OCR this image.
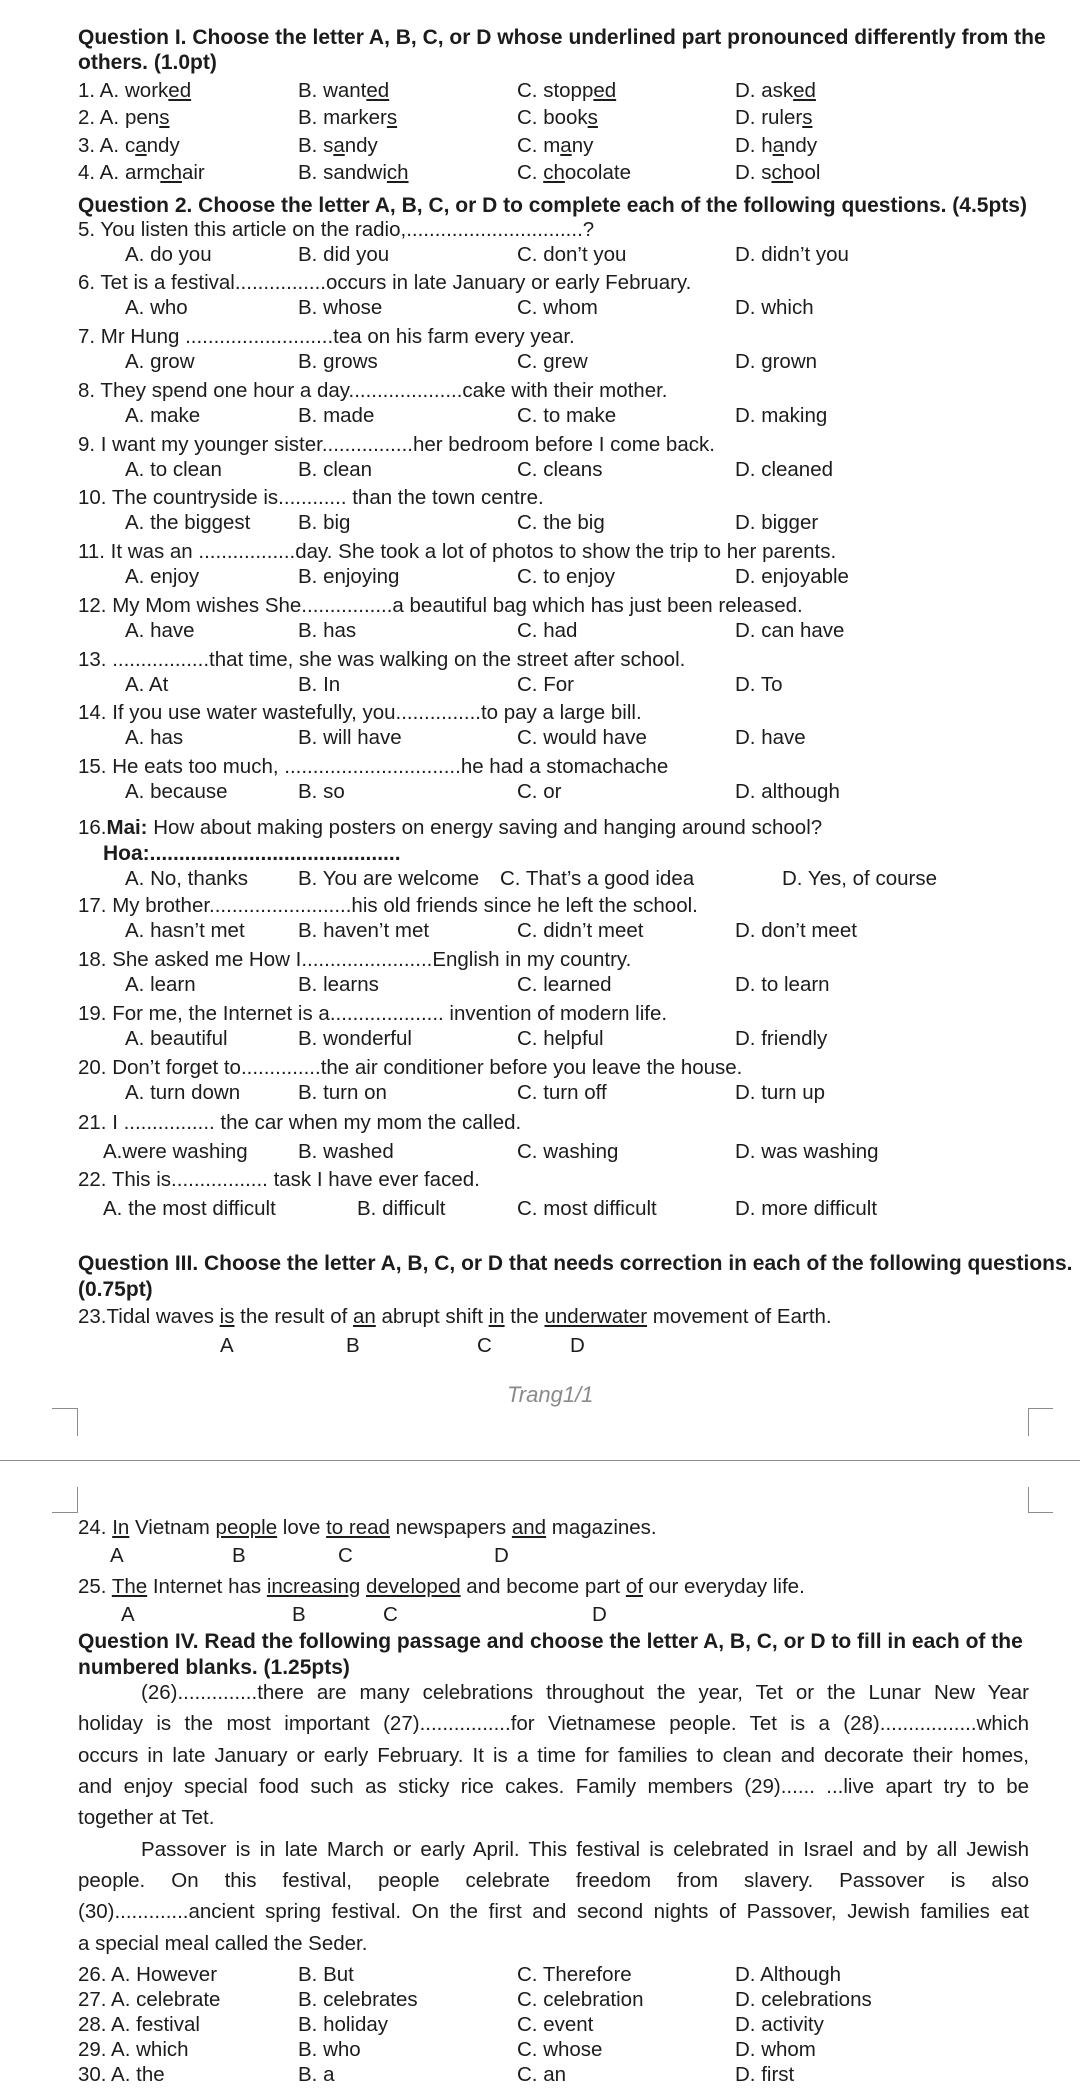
Question I. Choose the letter A, B, C, or D whose underlined part pronounced differently from the
others. (1.0pt)
1. A. worked	B. wanted	C. stopped	D. asked
2. A. pens	B. markers	C. books	D. rulers
3. A. candy	B. sandy	C. many	D. handy
4. A. armchair	B. sandwich	C. chocolate	D. school
Question 2. Choose the letter A, B, C, or D to complete each of the following questions. (4.5pts)
5. You listen this article on the radio,...............................?
A. do you	B. did you	C. don’t you	D. didn’t you
6. Tet is a festival................occurs in late January or early February.
A. who	B. whose	C. whom	D. which
7. Mr Hung ..........................tea on his farm every year.
A. grow	B. grows	C. grew	D. grown
8. They spend one hour a day....................cake with their mother.
A. make	B. made	C. to make	D. making
9. I want my younger sister................her bedroom before I come back.
A. to clean	B. clean	C. cleans	D. cleaned
10. The countryside is............ than the town centre.
A. the biggest B. big	C. the big	D. bigger
11. It was an .................day. She took a lot of photos to show the trip to her parents.
A. enjoy	B. enjoying	C. to enjoy	D. enjoyable
12. My Mom wishes She................a beautiful bag which has just been released.
A. have	B. has	C. had	D. can have
13. .................that time, she was walking on the street after school.
A. At	B. In	C. For	D. To
14. If you use water wastefully, you...............to pay a large bill.
A. has	B. will have	C. would have	D. have
15. He eats too much, ...............................he had a stomachache
A. because	B. so	C. or	D. although
16.Mai: How about making posters on energy saving and hanging around school?
Hoa:...........................................
A. No, thanks B. You are welcome C. That’s a good idea	D. Yes, of course
17. My brother.........................his old friends since he left the school.
A. hasn’t met	B. haven’t met	C. didn’t meet	D. don’t meet
18. She asked me How I.......................English in my country.
A. learn	B. learns	C. learned	D. to learn
19. For me, the Internet is a.................... invention of modern life.
A. beautiful	B. wonderful	C. helpful	D. friendly
20. Don’t forget to..............the air conditioner before you leave the house.
A. turn down	B. turn on	C. turn off	D. turn up
21. I ................ the car when my mom the called.
A.were washing B. washed	C. washing	D. was washing
22. This is................. task I have ever faced.
A. the most difficult	B. difficult	C. most difficult	D. more difficult
Question III. Choose the letter A, B, C, or D that needs correction in each of the following questions.
(0.75pt)
23.Tidal waves is the result of an abrupt shift in the underwater movement of Earth.
A	B	C	D
Trang1/1
24. In Vietnam people love to read newspapers and magazines.
A	B	C	D
25. The Internet has increasing developed and become part of our everyday life.
A	B	C	D
Question IV. Read the following passage and choose the letter A, B, C, or D to fill in each of the
numbered blanks. (1.25pts)
(26)..............there are many celebrations throughout the year, Tet or the Lunar New Year
holiday is the most important (27)................for Vietnamese people. Tet is a (28).................which
occurs in late January or early February. It is a time for families to clean and decorate their homes,
and enjoy special food such as sticky rice cakes. Family members (29)...... ...live apart try to be
together at Tet.
Passover is in late March or early April. This festival is celebrated in Israel and by all Jewish
people. On this festival, people celebrate freedom from slavery. Passover is also
(30).............ancient spring festival. On the first and second nights of Passover, Jewish families eat
a special meal called the Seder.
26. A. However	B. But	C. Therefore	D. Although
27. A. celebrate	B. celebrates	C. celebration	D. celebrations
28. A. festival	B. holiday	C. event	D. activity
29. A. which	B. who	C. whose	D. whom
30. A. the	B. a	C. an	D. first
